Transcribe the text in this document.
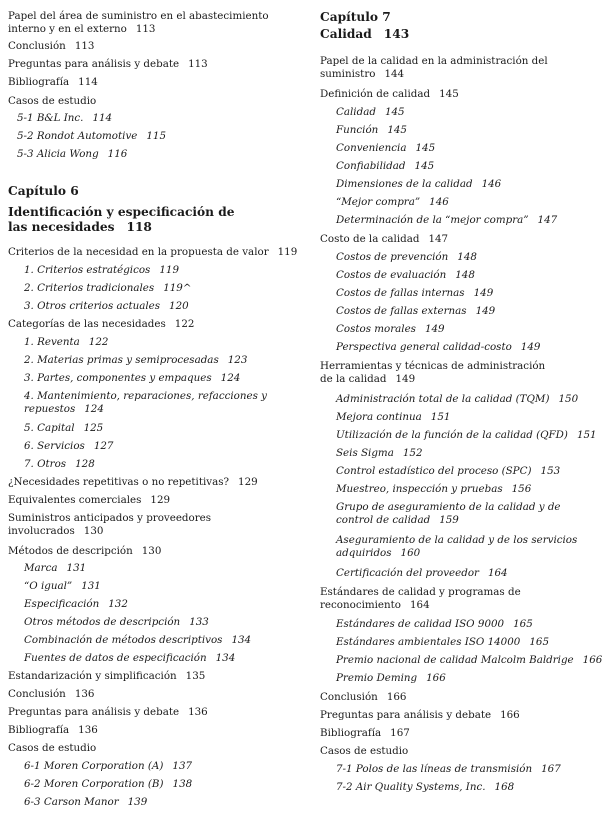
Papel del área de suministro en el abastecimiento interno y en el externo 113
Conclusión 113
Preguntas para análisis y debate 113
Bibliografía 114
Casos de estudio
5-1 B&L Inc. 114
5-2 Rondot Automotive 115
5-3 Alicia Wong 116
Capítulo 6
Identificación y especificación de las necesidades 118
Criterios de la necesidad en la propuesta de valor 119
1. Criterios estratégicos 119
2. Criterios tradicionales 119^
3. Otros criterios actuales 120
Categorías de las necesidades 122
1. Reventa 122
2. Materias primas y semiprocesadas 123
3. Partes, componentes y empaques 124
4. Mantenimiento, reparaciones, refacciones y repuestos 124
5. Capital 125
6. Servicios 127
7. Otros 128
¿Necesidades repetitivas o no repetitivas? 129
Equivalentes comerciales 129
Suministros anticipados y proveedores involucrados 130
Métodos de descripción 130
Marca 131
“O igual” 131
Especificación 132
Otros métodos de descripción 133
Combinación de métodos descriptivos 134
Fuentes de datos de especificación 134
Estandarización y simplificación 135
Conclusión 136
Preguntas para análisis y debate 136
Bibliografía 136
Casos de estudio
6-1 Moren Corporation (A) 137
6-2 Moren Corporation (B) 138
6-3 Carson Manor 139
Capítulo 7
Calidad 143
Papel de la calidad en la administración del suministro 144
Definición de calidad 145
Calidad 145
Función 145
Conveniencia 145
Confiabilidad 145
Dimensiones de la calidad 146
“Mejor compra” 146
Determinación de la “mejor compra” 147
Costo de la calidad 147
Costos de prevención 148
Costos de evaluación 148
Costos de fallas internas 149
Costos de fallas externas 149
Costos morales 149
Perspectiva general calidad-costo 149
Herramientas y técnicas de administración de la calidad 149
Administración total de la calidad (TQM) 150
Mejora continua 151
Utilización de la función de la calidad (QFD) 151
Seis Sigma 152
Control estadístico del proceso (SPC) 153
Muestreo, inspección y pruebas 156
Grupo de aseguramiento de la calidad y de control de calidad 159
Aseguramiento de la calidad y de los servicios adquiridos 160
Certificación del proveedor 164
Estándares de calidad y programas de reconocimiento 164
Estándares de calidad ISO 9000 165
Estándares ambientales ISO 14000 165
Premio nacional de calidad Malcolm Baldrige 166
Premio Deming 166
Conclusión 166
Preguntas para análisis y debate 166
Bibliografía 167
Casos de estudio
7-1 Polos de las líneas de transmisión 167
7-2 Air Quality Systems, Inc. 168
